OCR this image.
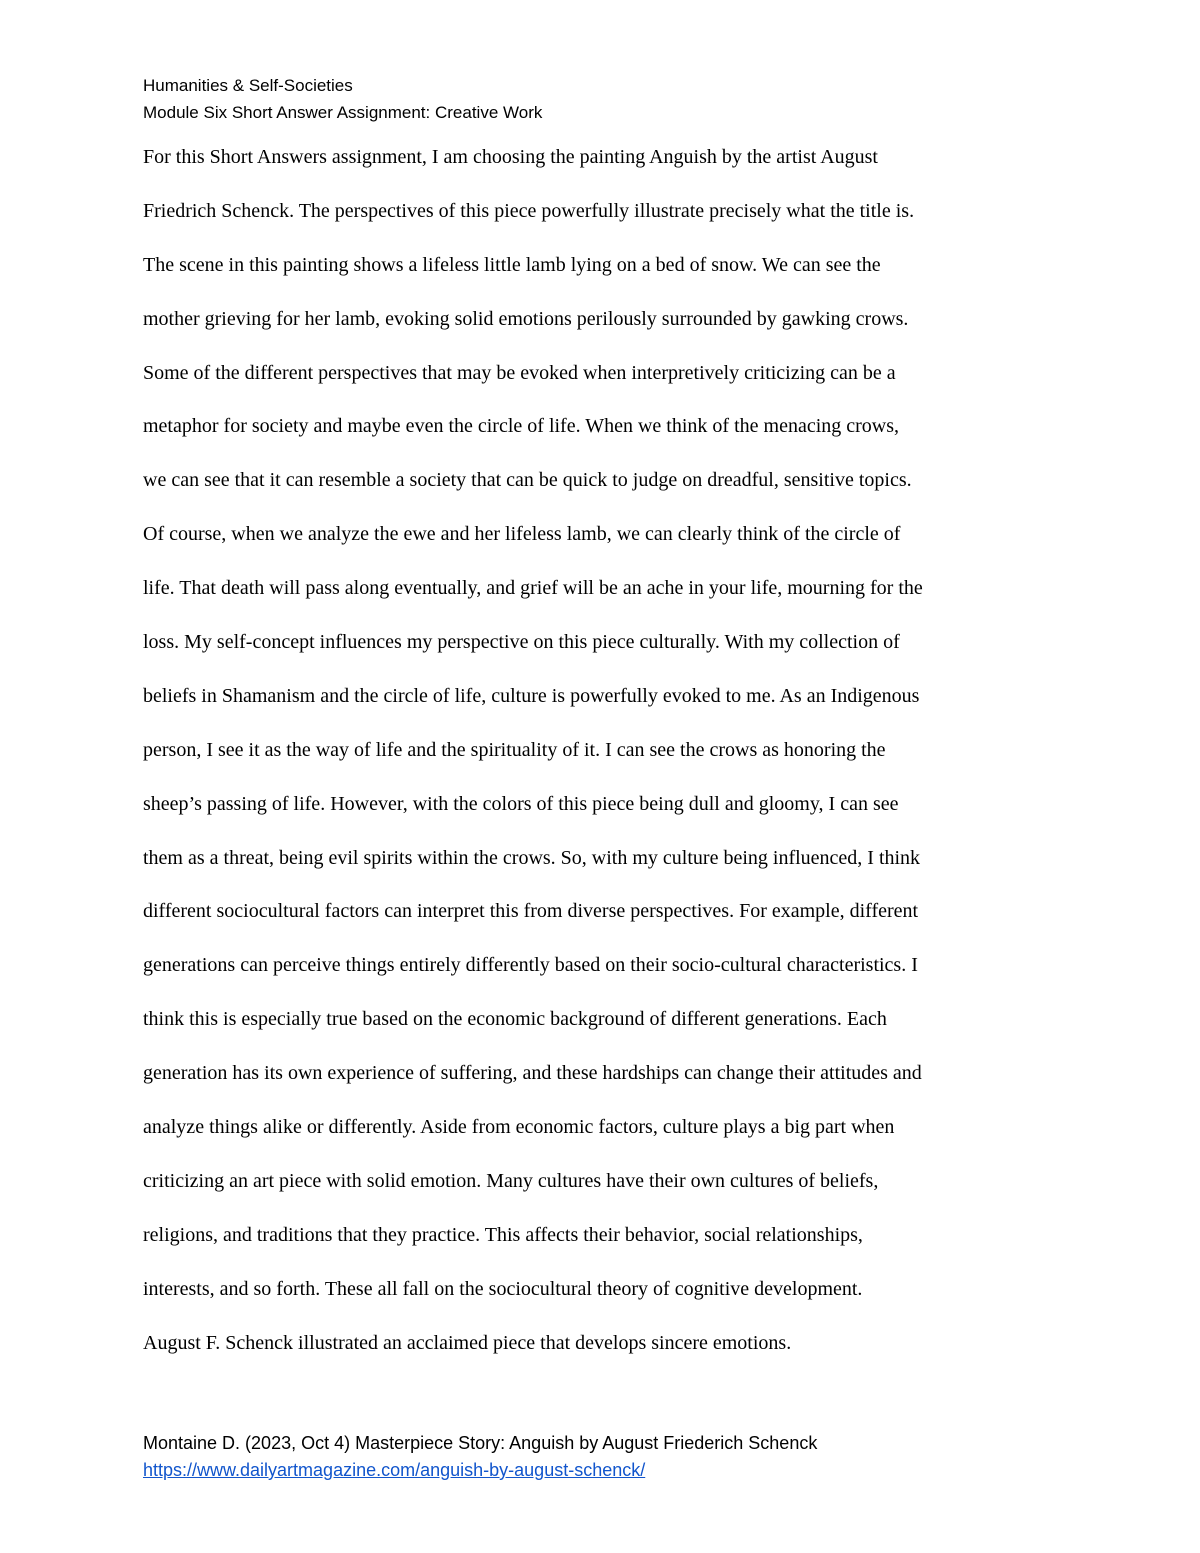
Humanities & Self-Societies
Module Six Short Answer Assignment: Creative Work
For this Short Answers assignment, I am choosing the painting Anguish by the artist August
Friedrich Schenck. The perspectives of this piece powerfully illustrate precisely what the title is.
The scene in this painting shows a lifeless little lamb lying on a bed of snow. We can see the
mother grieving for her lamb, evoking solid emotions perilously surrounded by gawking crows.
Some of the different perspectives that may be evoked when interpretively criticizing can be a
metaphor for society and maybe even the circle of life. When we think of the menacing crows,
we can see that it can resemble a society that can be quick to judge on dreadful, sensitive topics.
Of course, when we analyze the ewe and her lifeless lamb, we can clearly think of the circle of
life. That death will pass along eventually, and grief will be an ache in your life, mourning for the
loss. My self-concept influences my perspective on this piece culturally. With my collection of
beliefs in Shamanism and the circle of life, culture is powerfully evoked to me. As an Indigenous
person, I see it as the way of life and the spirituality of it. I can see the crows as honoring the
sheep’s passing of life. However, with the colors of this piece being dull and gloomy, I can see
them as a threat, being evil spirits within the crows. So, with my culture being influenced, I think
different sociocultural factors can interpret this from diverse perspectives. For example, different
generations can perceive things entirely differently based on their socio-cultural characteristics. I
think this is especially true based on the economic background of different generations. Each
generation has its own experience of suffering, and these hardships can change their attitudes and
analyze things alike or differently. Aside from economic factors, culture plays a big part when
criticizing an art piece with solid emotion. Many cultures have their own cultures of beliefs,
religions, and traditions that they practice. This affects their behavior, social relationships,
interests, and so forth. These all fall on the sociocultural theory of cognitive development.
August F. Schenck illustrated an acclaimed piece that develops sincere emotions.
Montaine D. (2023, Oct 4) Masterpiece Story: Anguish by August Friederich Schenck
https://www.dailyartmagazine.com/anguish-by-august-schenck/
